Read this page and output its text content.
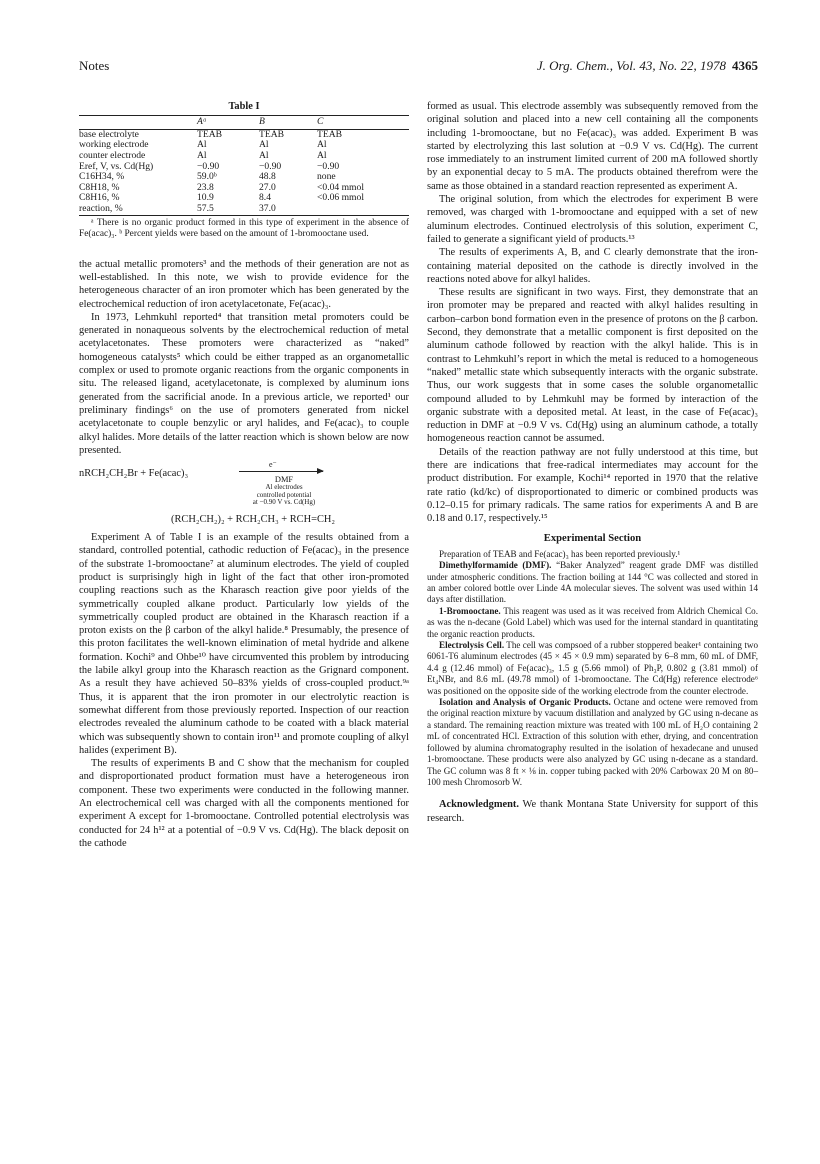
Notes	J. Org. Chem., Vol. 43, No. 22, 1978 4365
Table I
	Aᵃ	B	C
base electrolyte	TEAB	TEAB	TEAB
working electrode	Al	Al	Al
counter electrode	Al	Al	Al
Eref, V, vs. Cd(Hg)	−0.90	−0.90	−0.90
C16H34, %	59.0ᵇ	48.8	none
C8H18, %	23.8	27.0	<0.04 mmol
C8H16, %	10.9	8.4	<0.06 mmol
reaction, %	57.5	37.0	

ᵃ There is no organic product formed in this type of experiment in the absence of Fe(acac)₃. ᵇ Percent yields were based on the amount of 1-bromooctane used.

the actual metallic promoters³ and the methods of their generation are not as well-established. In this note, we wish to provide evidence for the heterogeneous character of an iron promoter which has been generated by the electrochemical reduction of iron acetylacetonate, Fe(acac)₃.

In 1973, Lehmkuhl reported⁴ that transition metal promoters could be generated in nonaqueous solvents by the electrochemical reduction of metal acetylacetonates. These promoters were characterized as “naked” homogeneous catalysts⁵ which could be either trapped as an organometallic complex or used to promote organic reactions from the organic components in situ. The released ligand, acetylacetonate, is complexed by aluminum ions generated from the sacrificial anode. In a previous article, we reported¹ our preliminary findings⁶ on the use of promoters generated from nickel acetylacetonate to couple benzylic or aryl halides, and Fe(acac)₃ to couple alkyl halides. More details of the latter reaction which is shown below are now presented.

nRCH₂CH₂Br + Fe(acac)₃
e⁻
DMF
Al electrodes
controlled potential
at −0.90 V vs. Cd(Hg)
(RCH₂CH₂)₂ + RCH₂CH₃ + RCH=CH₂

Experiment A of Table I is an example of the results obtained from a standard, controlled potential, cathodic reduction of Fe(acac)₃ in the presence of the substrate 1-bromooctane⁷ at aluminum electrodes. The yield of coupled product is surprisingly high in light of the fact that other iron-promoted coupling reactions such as the Kharasch reaction give poor yields of the symmetrically coupled alkane product. Particularly low yields of the symmetrically coupled product are obtained in the Kharasch reaction if a proton exists on the β carbon of the alkyl halide.⁸ Presumably, the presence of this proton facilitates the well-known elimination of metal hydride and alkene formation. Kochi⁹ and Ohbe¹⁰ have circumvented this problem by introducing the labile alkyl group into the Kharasch reaction as the Grignard component. As a result they have achieved 50–83% yields of cross-coupled product.⁹ᵃ Thus, it is apparent that the iron promoter in our electrolytic reaction is somewhat different from those previously reported. Inspection of our reaction electrodes revealed the aluminum cathode to be coated with a black material which was subsequently shown to contain iron¹¹ and promote coupling of alkyl halides (experiment B).

The results of experiments B and C show that the mechanism for coupled and disproportionated product formation must have a heterogeneous iron component. These two experiments were conducted in the following manner. An electrochemical cell was charged with all the components mentioned for experiment A except for 1-bromooctane. Controlled potential electrolysis was conducted for 24 h¹² at a potential of −0.9 V vs. Cd(Hg). The black deposit on the cathode

formed as usual. This electrode assembly was subsequently removed from the original solution and placed into a new cell containing all the components including 1-bromooctane, but no Fe(acac)₃ was added. Experiment B was started by electrolyzing this last solution at −0.9 V vs. Cd(Hg). The current rose immediately to an instrument limited current of 200 mA followed shortly by an exponential decay to 5 mA. The products obtained therefrom were the same as those obtained in a standard reaction represented as experiment A.

The original solution, from which the electrodes for experiment B were removed, was charged with 1-bromooctane and equipped with a set of new aluminum electrodes. Continued electrolysis of this solution, experiment C, failed to generate a significant yield of products.¹³

The results of experiments A, B, and C clearly demonstrate that the iron-containing material deposited on the cathode is directly involved in the reactions noted above for alkyl halides.

These results are significant in two ways. First, they demonstrate that an iron promoter may be prepared and reacted with alkyl halides resulting in carbon–carbon bond formation even in the presence of protons on the β carbon. Second, they demonstrate that a metallic component is first deposited on the aluminum cathode followed by reaction with the alkyl halide. This is in contrast to Lehmkuhl’s report in which the metal is reduced to a homogeneous “naked” metallic state which subsequently interacts with the organic substrate. Thus, our work suggests that in some cases the soluble organometallic compound alluded to by Lehmkuhl may be formed by interaction of the organic substrate with a deposited metal. At least, in the case of Fe(acac)₃ reduction in DMF at −0.9 V vs. Cd(Hg) using an aluminum cathode, a totally homogeneous reaction cannot be assumed.

Details of the reaction pathway are not fully understood at this time, but there are indications that free-radical intermediates may account for the product distribution. For example, Kochi¹⁴ reported in 1970 that the relative rate ratio (kd/kc) of disproportionated to dimeric or combined products was 0.12–0.15 for primary radicals. The same ratios for experiments A and B are 0.18 and 0.17, respectively.¹⁵

Experimental Section

Preparation of TEAB and Fe(acac)₃ has been reported previously.¹

Dimethylformamide (DMF). “Baker Analyzed” reagent grade DMF was distilled under atmospheric conditions. The fraction boiling at 144 °C was collected and stored in an amber colored bottle over Linde 4A molecular sieves. The solvent was used within 14 days after distillation.

1-Bromooctane. This reagent was used as it was received from Aldrich Chemical Co. as was the n-decane (Gold Label) which was used for the internal standard in quantitating the organic reaction products.

Electrolysis Cell. The cell was compsoed of a rubber stoppered beaker¹ containing two 6061-T6 aluminum electrodes (45 × 45 × 0.9 mm) separated by 6–8 mm, 60 mL of DMF, 4.4 g (12.46 mmol) of Fe(acac)₃, 1.5 g (5.66 mmol) of Ph₃P, 0.802 g (3.81 mmol) of Et₄NBr, and 8.6 mL (49.78 mmol) of 1-bromooctane. The Cd(Hg) reference electrode⁶ was positioned on the opposite side of the working electrode from the counter electrode.

Isolation and Analysis of Organic Products. Octane and octene were removed from the original reaction mixture by vacuum distillation and analyzed by GC using n-decane as a standard. The remaining reaction mixture was treated with 100 mL of H₂O containing 2 mL of concentrated HCl. Extraction of this solution with ether, drying, and concentration followed by alumina chromatography resulted in the isolation of hexadecane and unused 1-bromooctane. These products were also analyzed by GC using n-decane as a standard. The GC column was 8 ft × ⅛ in. copper tubing packed with 20% Carbowax 20 M on 80–100 mesh Chromosorb W.

Acknowledgment. We thank Montana State University for support of this research.
